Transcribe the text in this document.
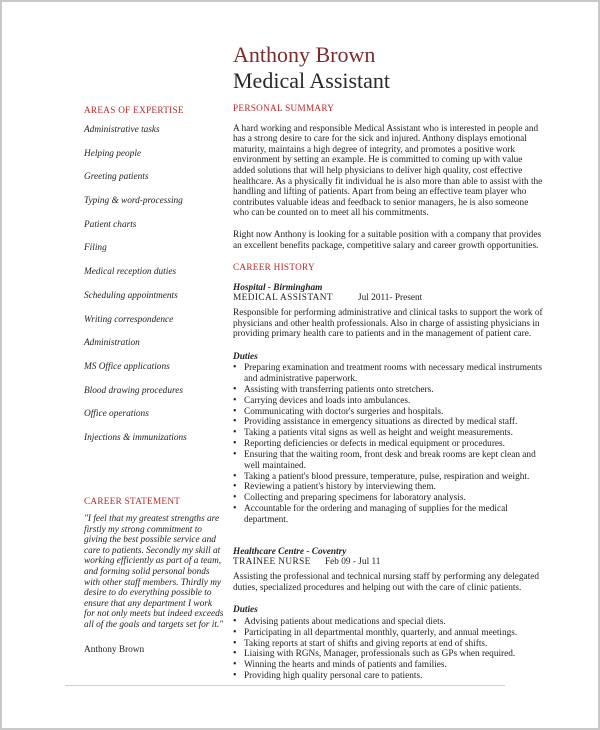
Anthony Brown
Medical Assistant
AREAS OF EXPERTISE
Administrative tasks
Helping people
Greeting patients
Typing & word-processing
Patient charts
Filing
Medical reception duties
Scheduling appointments
Writing correspondence
Administration
MS Office applications
Blood drawing procedures
Office operations
Injections & immunizations
CAREER STATEMENT
"I feel that my greatest strengths are firstly my strong commitment to giving the best possible service and care to patients. Secondly my skill at working efficiently as part of a team, and forming solid personal bonds with other staff members. Thirdly my desire to do everything possible to ensure that any department I work for not only meets but indeed exceeds all of the goals and targets set for it."
Anthony Brown
PERSONAL SUMMARY

A hard working and responsible Medical Assistant who is interested in people and has a strong desire to care for the sick and injured. Anthony displays emotional maturity, maintains a high degree of integrity, and promotes a positive work environment by setting an example. He is committed to coming up with value added solutions that will help physicians to deliver high quality, cost effective healthcare. As a physically fit individual he is also more than able to assist with the handling and lifting of patients. Apart from being an effective team player who contributes valuable ideas and feedback to senior managers, he is also someone who can be counted on to meet all his commitments.

Right now Anthony is looking for a suitable position with a company that provides an excellent benefits package, competitive salary and career growth opportunities.

CAREER HISTORY
Hospital - Birmingham
MEDICAL ASSISTANT	Jul 2011- Present
Responsible for performing administrative and clinical tasks to support the work of physicians and other health professionals. Also in charge of assisting physicians in providing primary health care to patients and in the management of patient care.
Duties
• Preparing examination and treatment rooms with necessary medical instruments and administrative paperwork.
• Assisting with transferring patients onto stretchers.
• Carrying devices and loads into ambulances.
• Communicating with doctor's surgeries and hospitals.
• Providing assistance in emergency situations as directed by medical staff.
• Taking a patients vital signs as well as height and weight measurements.
• Reporting deficiencies or defects in medical equipment or procedures.
• Ensuring that the waiting room, front desk and break rooms are kept clean and well maintained.
• Taking a patient's blood pressure, temperature, pulse, respiration and weight.
• Reviewing a patient's history by interviewing them.
• Collecting and preparing specimens for laboratory analysis.
• Accountable for the ordering and managing of supplies for the medical department.
Healthcare Centre - Coventry
TRAINEE NURSE	Feb 09 - Jul 11
Assisting the professional and technical nursing staff by performing any delegated duties, specialized procedures and helping out with the care of clinic patients.
Duties
• Advising patients about medications and special diets.
• Participating in all departmental monthly, quarterly, and annual meetings.
• Taking reports at start of shifts and giving reports at end of shifts.
• Liaising with RGNs, Manager, professionals such as GPs when required.
• Winning the hearts and minds of patients and families.
• Providing high quality personal care to patients.
